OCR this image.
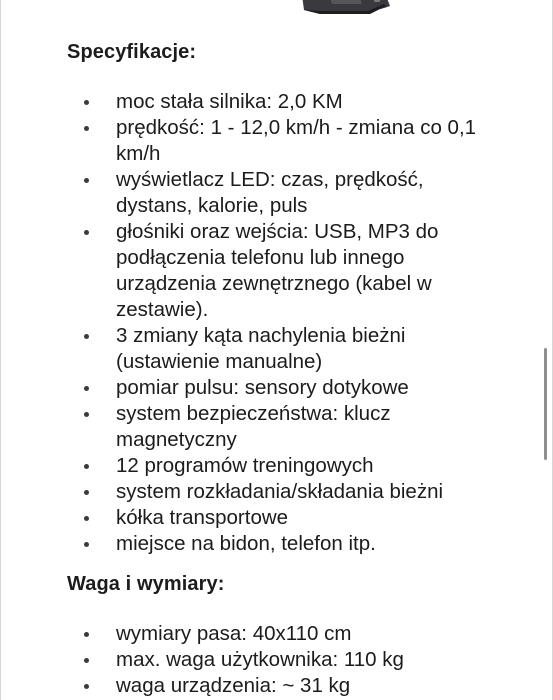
Specyfikacje:
moc stała silnika: 2,0 KM
prędkość: 1 - 12,0 km/h - zmiana co 0,1 km/h
wyświetlacz LED: czas, prędkość, dystans, kalorie, puls
głośniki oraz wejścia: USB, MP3 do podłączenia telefonu lub innego urządzenia zewnętrznego (kabel w zestawie).
3 zmiany kąta nachylenia bieżni (ustawienie manualne)
pomiar pulsu: sensory dotykowe
system bezpieczeństwa: klucz magnetyczny
12 programów treningowych
system rozkładania/składania bieżni
kółka transportowe
miejsce na bidon, telefon itp.
Waga i wymiary:
wymiary pasa: 40x110 cm
max. waga użytkownika: 110 kg
waga urządzenia: ~ 31 kg
